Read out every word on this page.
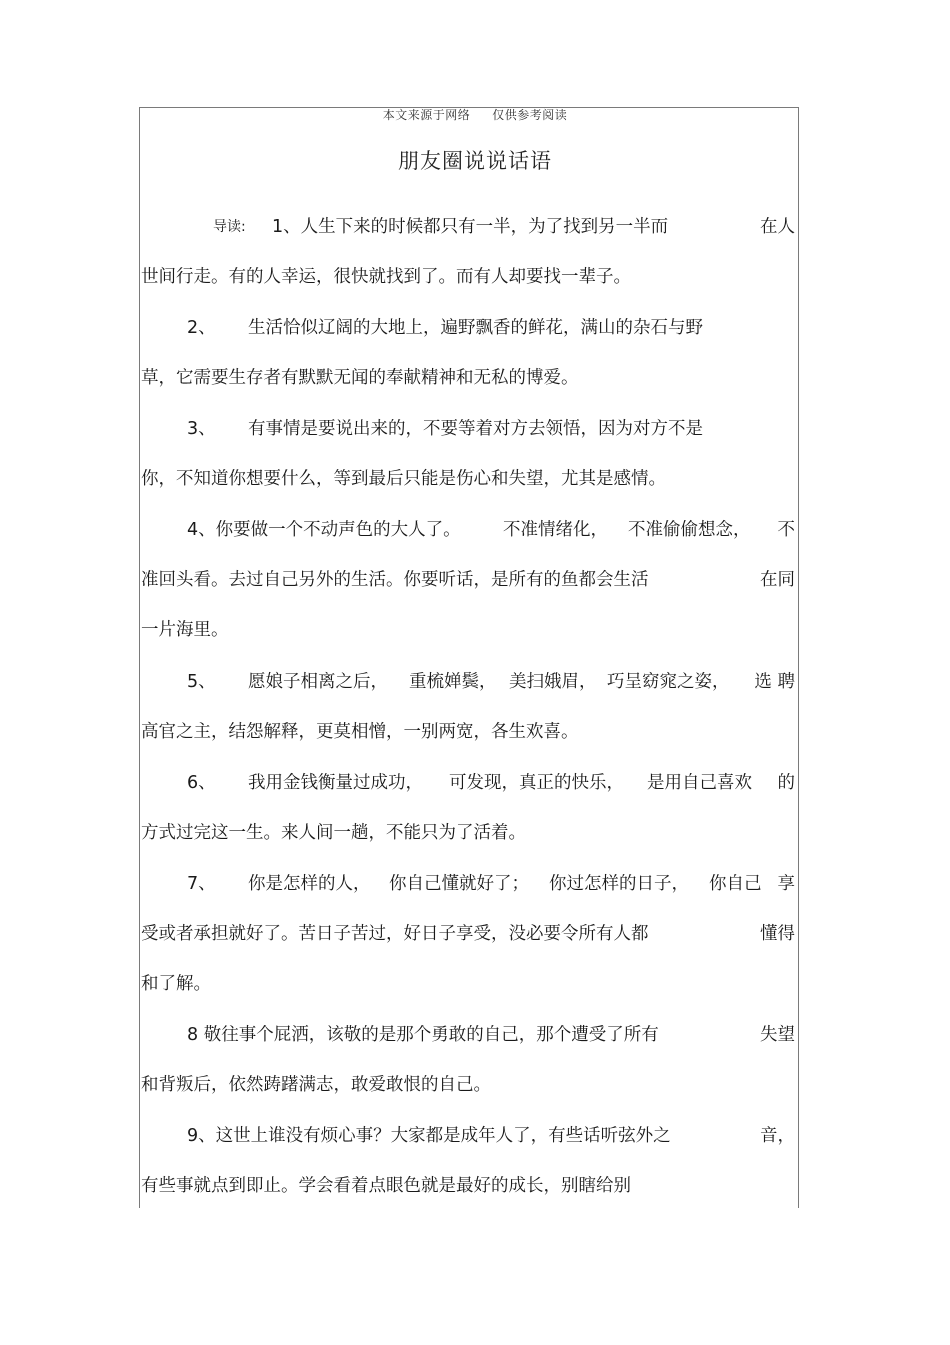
本文来源于网络 仅供参考阅读
朋友圈说说话语
导读: 1、人生下来的时候都只有一半，为了找到另一半而	在人
世间行走。有的人幸运，很快就找到了。而有人却要找一辈子。
2、 生活恰似辽阔的大地上，遍野飘香的鲜花，满山的杂石与野
草，它需要生存者有默默无闻的奉献精神和无私的博爱。
3、 有事情是要说出来的，不要等着对方去领悟，因为对方不是
你，不知道你想要什么，等到最后只能是伤心和失望，尤其是感情。
4、你要做一个不动声色的大人了。 不准情绪化， 不准偷偷想念， 不
准回头看。去过自己另外的生活。你要听话，是所有的鱼都会生活	在同
一片海里。
5、 愿娘子相离之后， 重梳婵鬓， 美扫娥眉， 巧呈窈窕之姿， 选 聘
高官之主，结怨解释，更莫相憎，一别两宽，各生欢喜。
6、 我用金钱衡量过成功， 可发现，真正的快乐， 是用自己喜欢 的
方式过完这一生。来人间一趟，不能只为了活着。
7、 你是怎样的人， 你自己懂就好了； 你过怎样的日子， 你自己 享
受或者承担就好了。苦日子苦过，好日子享受，没必要令所有人都	懂得
和了解。
8 敬往事个屁洒，该敬的是那个勇敢的自己，那个遭受了所有	失望
和背叛后，依然踌躇满志，敢爱敢恨的自己。
9、这世上谁没有烦心事？大家都是成年人了，有些话听弦外之	音，
有些事就点到即止。学会看着点眼色就是最好的成长，别瞎给别
